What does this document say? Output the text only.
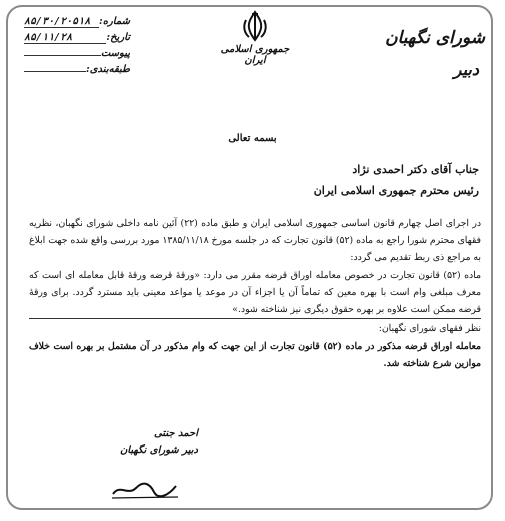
شورای نگهبان
دبیر
جمهوری اسلامی ایران
شماره:
۸۵/۳۰/۲۰۵۱۸
تاریخ:
۸۵/۱۱/۲۸
پیوست
طبقه‌بندی:
بسمه تعالی
جناب آقای دکتر احمدی نژاد
رئیس محترم جمهوری اسلامی ایران

در اجرای اصل چهارم قانون اساسی جمهوری اسلامی ایران و طبق ماده (۲۲) آئین نامه داخلی شورای نگهبان، نظریه فقهای محترم شورا راجع به ماده (۵۲) قانون تجارت که در جلسه مورخ ۱۳۸۵/۱۱/۱۸ مورد بررسی واقع شده جهت ابلاغ به مراجع ذی ربط تقدیم می گردد:

ماده (۵۲) قانون تجارت در خصوص معامله اوراق قرضه مقرر می دارد: «ورقهٔ قرضه ورقهٔ قابل معامله ای است که معرف مبلغی وام است با بهره معین که تماماً آن یا اجزاء آن در موعد یا مواعد معینی باید مسترد گردد. برای ورقهٔ قرضه ممکن است علاوه بر بهره حقوق دیگری نیز شناخته شود.»

نظر فقهای شورای نگهبان:

معامله اوراق قرضه مذکور در ماده (۵۲) قانون تجارت از این جهت که وام مذکور در آن مشتمل بر بهره است خلاف موازین شرع شناخته شد.

احمد جنتی
دبیر شورای نگهبان
